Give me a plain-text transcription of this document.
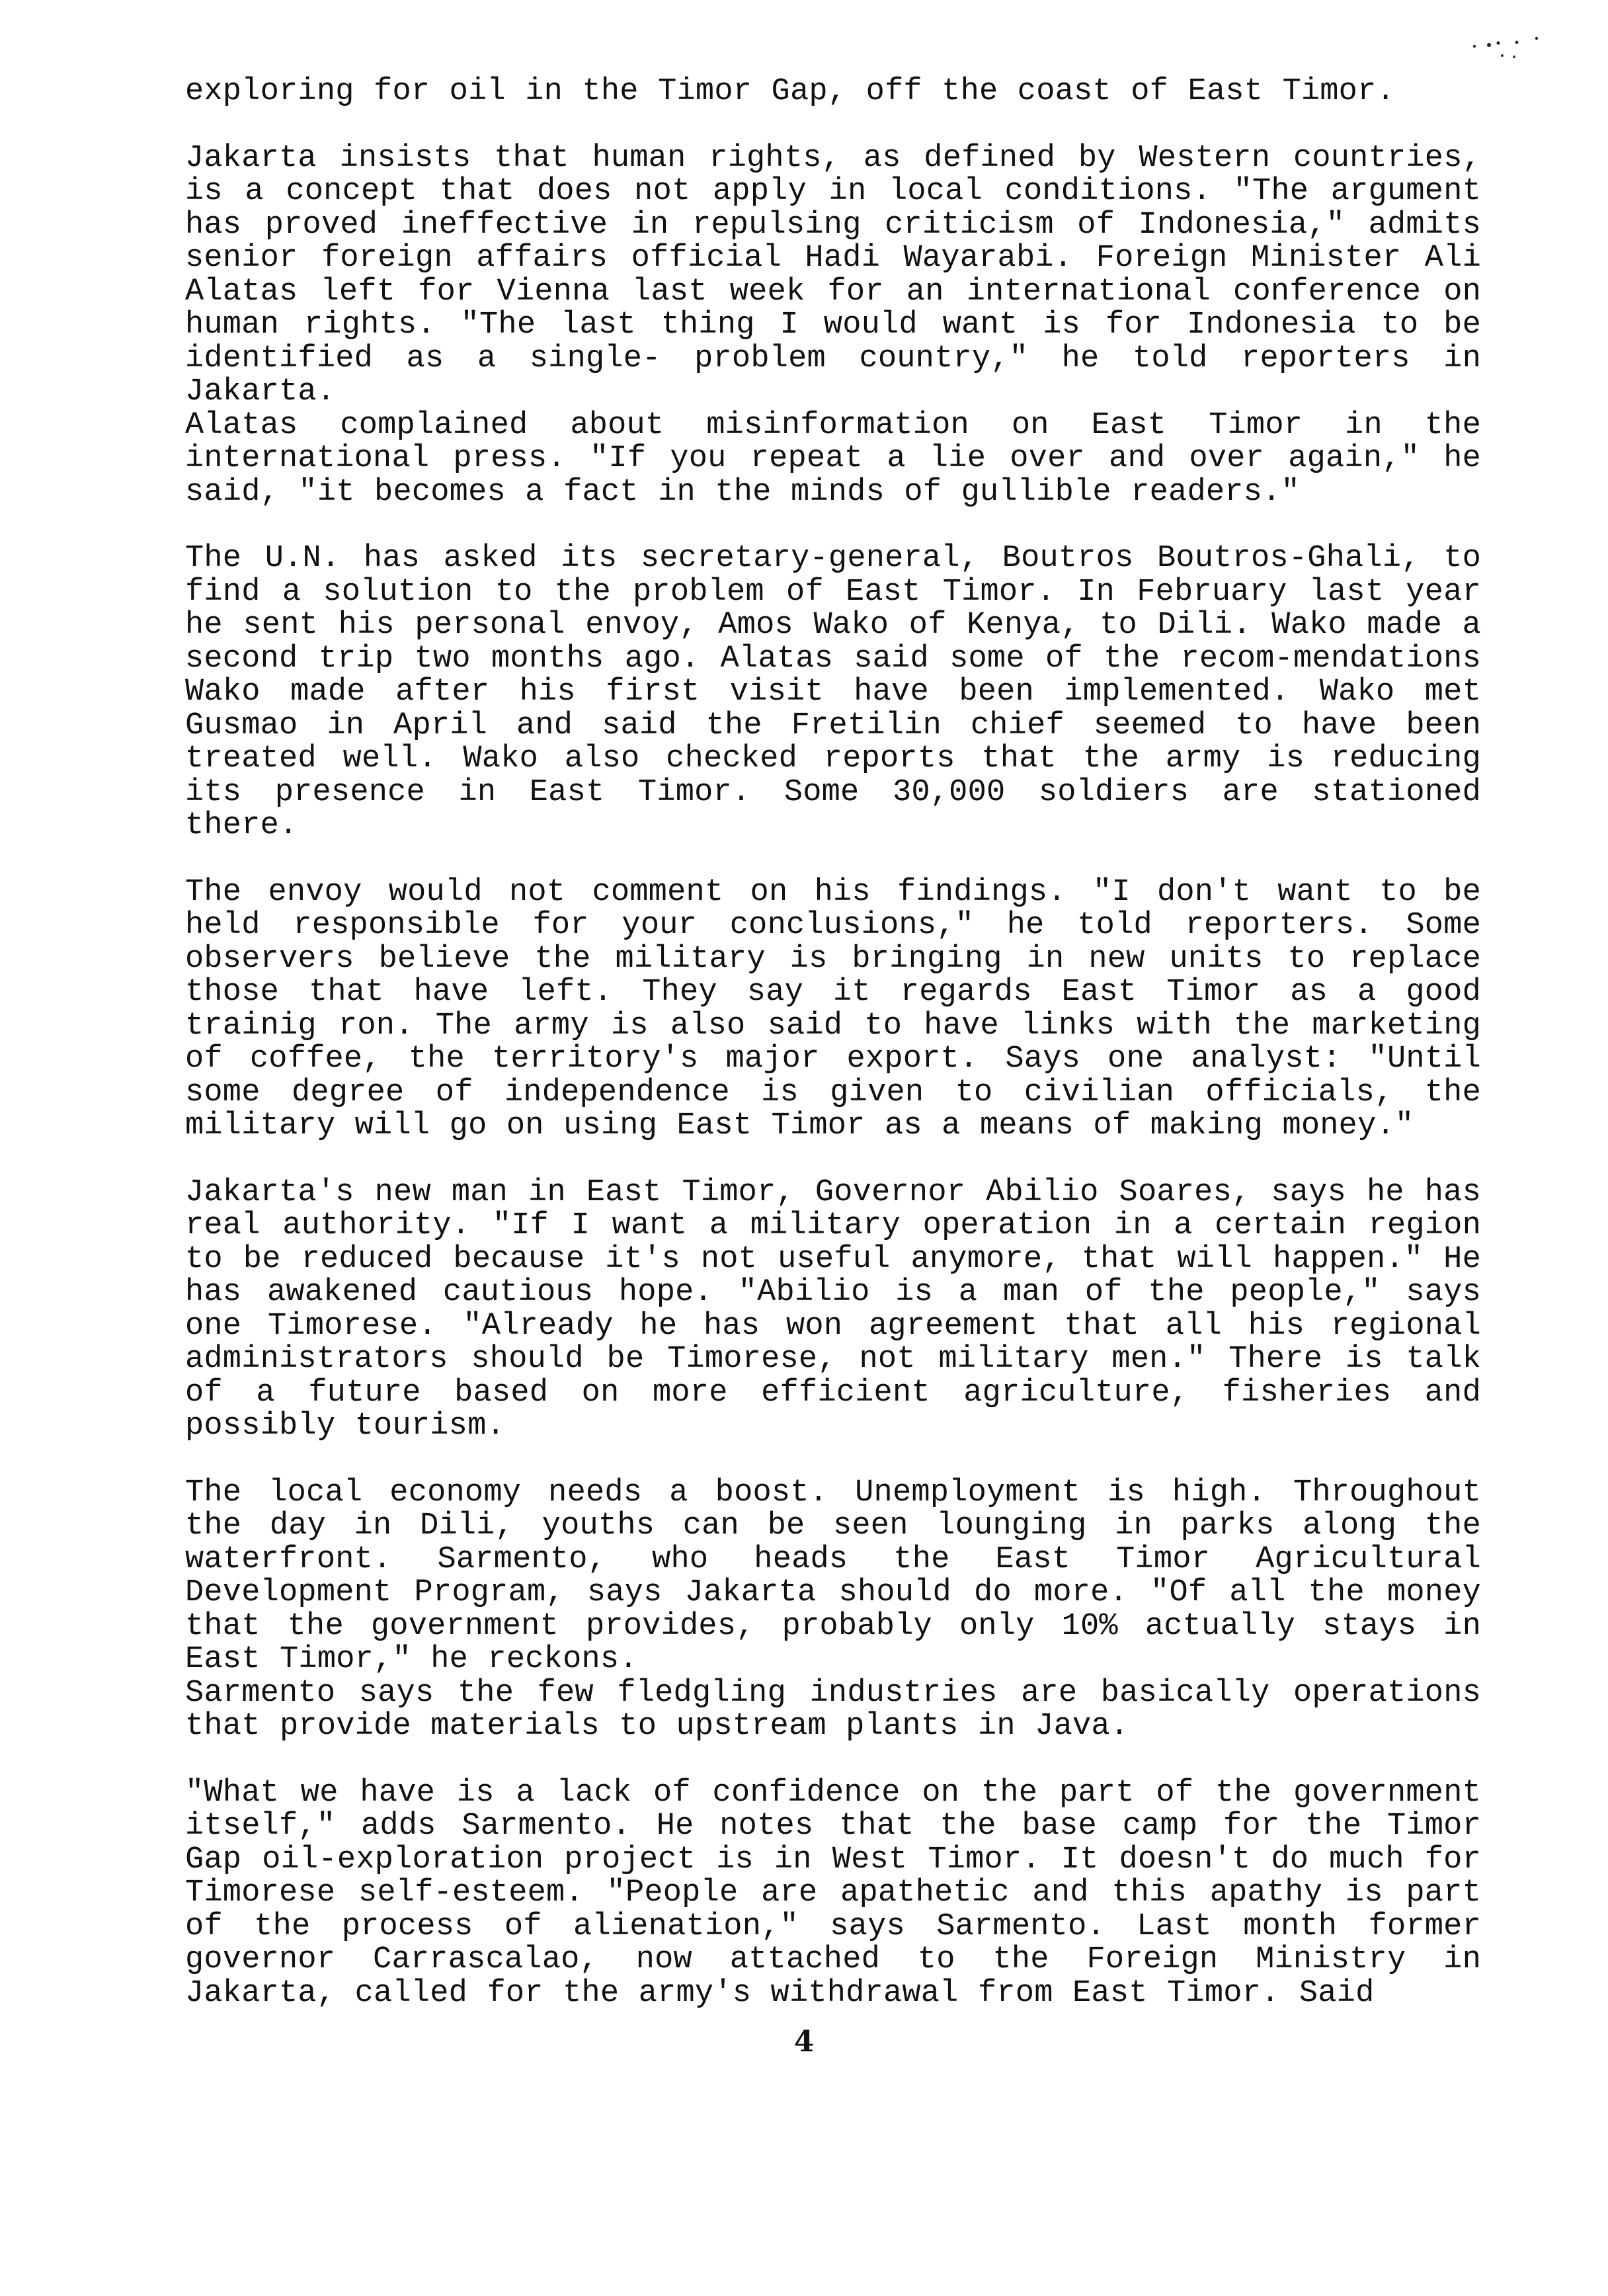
exploring for oil in the Timor Gap, off the coast of East Timor.

Jakarta insists that human rights, as defined by Western countries, is a concept that does not apply in local conditions. "The argument has proved ineffective in repulsing criticism of Indonesia," admits senior foreign affairs official Hadi Wayarabi. Foreign Minister Ali Alatas left for Vienna last week for an international conference on human rights. "The last thing I would want is for Indonesia to be identified as a single- problem country," he told reporters in Jakarta.

Alatas complained about misinformation on East Timor in the international press. "If you repeat a lie over and over again," he said, "it becomes a fact in the minds of gullible readers."

The U.N. has asked its secretary-general, Boutros Boutros-Ghali, to find a solution to the problem of East Timor. In February last year he sent his personal envoy, Amos Wako of Kenya, to Dili. Wako made a second trip two months ago. Alatas said some of the recom-mendations Wako made after his first visit have been implemented. Wako met Gusmao in April and said the Fretilin chief seemed to have been treated well. Wako also checked reports that the army is reducing its presence in East Timor. Some 30,000 soldiers are stationed there.

The envoy would not comment on his findings. "I don't want to be held responsible for your conclusions," he told reporters. Some observers believe the military is bringing in new units to replace those that have left. They say it regards East Timor as a good trainig ron. The army is also said to have links with the marketing of coffee, the territory's major export. Says one analyst: "Until some degree of independence is given to civilian officials, the military will go on using East Timor as a means of making money."

Jakarta's new man in East Timor, Governor Abilio Soares, says he has real authority. "If I want a military operation in a certain region to be reduced because it's not useful anymore, that will happen." He has awakened cautious hope. "Abilio is a man of the people," says one Timorese. "Already he has won agreement that all his regional administrators should be Timorese, not military men." There is talk of a future based on more efficient agriculture, fisheries and possibly tourism.

The local economy needs a boost. Unemployment is high. Throughout the day in Dili, youths can be seen lounging in parks along the waterfront. Sarmento, who heads the East Timor Agricultural Development Program, says Jakarta should do more. "Of all the money that the government provides, probably only 10% actually stays in East Timor," he reckons.

Sarmento says the few fledgling industries are basically operations that provide materials to upstream plants in Java.

"What we have is a lack of confidence on the part of the government itself," adds Sarmento. He notes that the base camp for the Timor Gap oil-exploration project is in West Timor. It doesn't do much for Timorese self-esteem. "People are apathetic and this apathy is part of the process of alienation," says Sarmento. Last month former governor Carrascalao, now attached to the Foreign Ministry in Jakarta, called for the army's withdrawal from East Timor. Said

4
